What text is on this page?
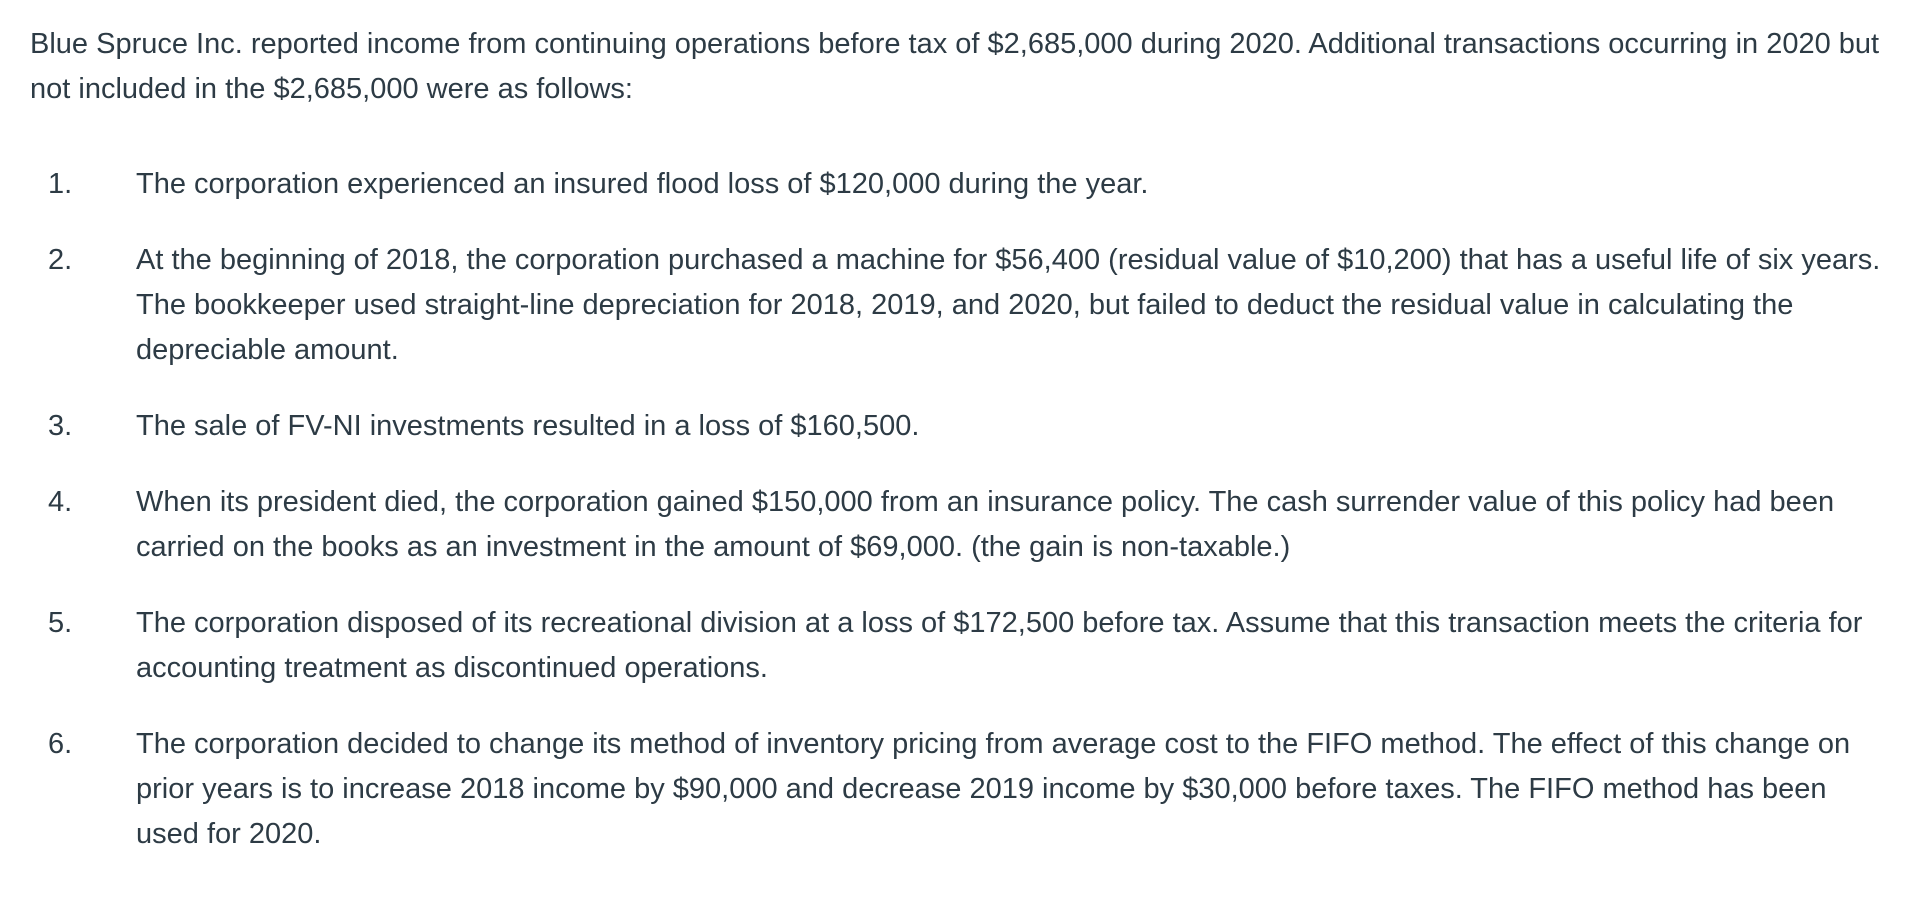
Blue Spruce Inc. reported income from continuing operations before tax of $2,685,000 during 2020. Additional transactions occurring in 2020 but not included in the $2,685,000 were as follows:

1.	The corporation experienced an insured flood loss of $120,000 during the year.
2.	At the beginning of 2018, the corporation purchased a machine for $56,400 (residual value of $10,200) that has a useful life of six years. The bookkeeper used straight-line depreciation for 2018, 2019, and 2020, but failed to deduct the residual value in calculating the depreciable amount.
3.	The sale of FV-NI investments resulted in a loss of $160,500.
4.	When its president died, the corporation gained $150,000 from an insurance policy. The cash surrender value of this policy had been carried on the books as an investment in the amount of $69,000. (the gain is non-taxable.)
5.	The corporation disposed of its recreational division at a loss of $172,500 before tax. Assume that this transaction meets the criteria for accounting treatment as discontinued operations.
6.	The corporation decided to change its method of inventory pricing from average cost to the FIFO method. The effect of this change on prior years is to increase 2018 income by $90,000 and decrease 2019 income by $30,000 before taxes. The FIFO method has been used for 2020.
